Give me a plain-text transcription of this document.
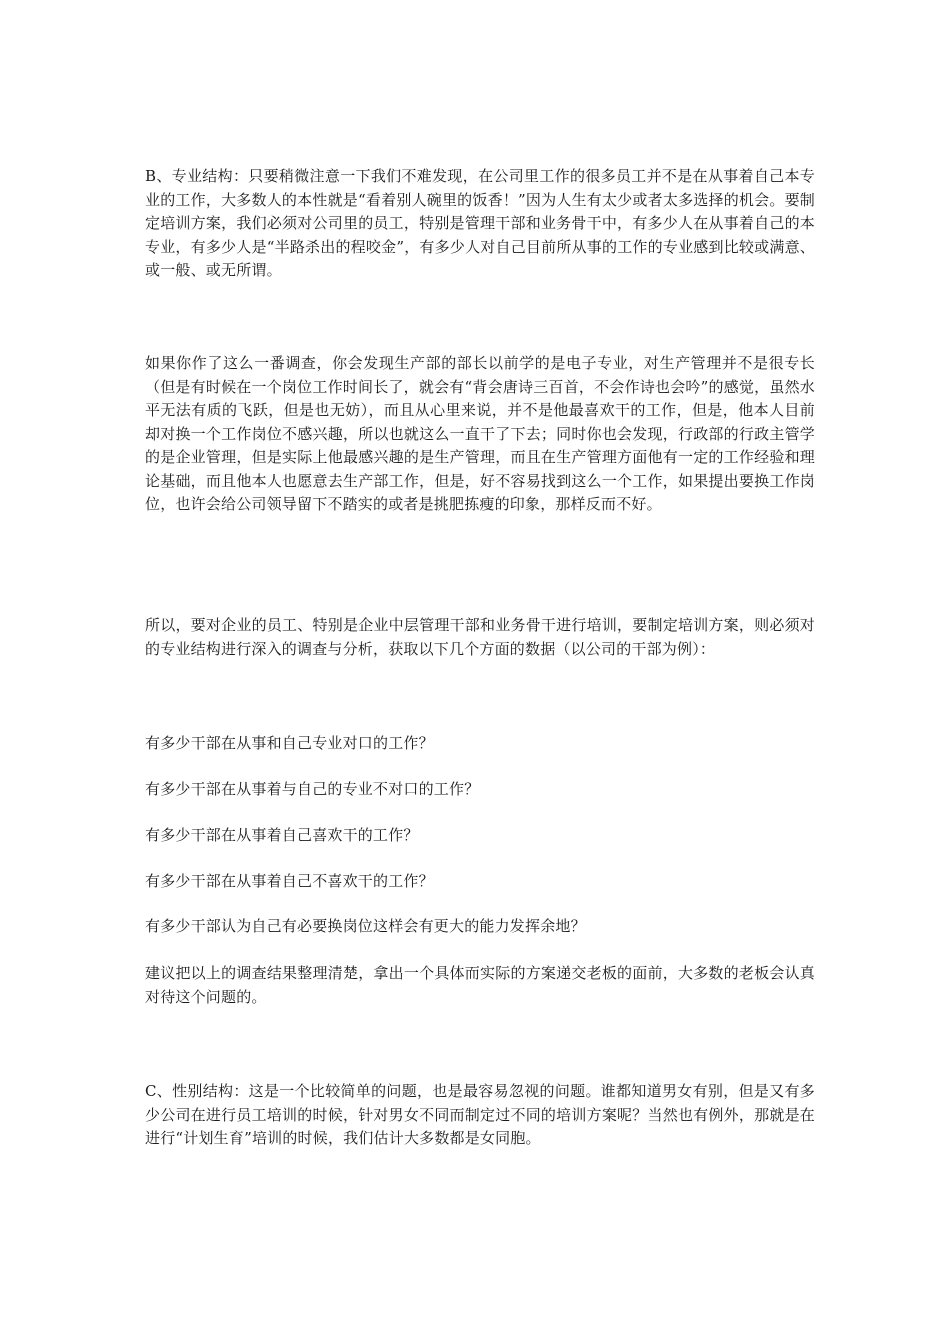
B、专业结构：只要稍微注意一下我们不难发现，在公司里工作的很多员工并不是在从事着自己本专业的工作，大多数人的本性就是“看着别人碗里的饭香！”因为人生有太少或者太多选择的机会。要制定培训方案，我们必须对公司里的员工，特别是管理干部和业务骨干中，有多少人在从事着自己的本专业，有多少人是“半路杀出的程咬金”，有多少人对自己目前所从事的工作的专业感到比较或满意、或一般、或无所谓。

如果你作了这么一番调查，你会发现生产部的部长以前学的是电子专业，对生产管理并不是很专长（但是有时候在一个岗位工作时间长了，就会有“背会唐诗三百首，不会作诗也会吟”的感觉，虽然水平无法有质的飞跃，但是也无妨），而且从心里来说，并不是他最喜欢干的工作，但是，他本人目前却对换一个工作岗位不感兴趣，所以也就这么一直干了下去；同时你也会发现，行政部的行政主管学的是企业管理，但是实际上他最感兴趣的是生产管理，而且在生产管理方面他有一定的工作经验和理论基础，而且他本人也愿意去生产部工作，但是，好不容易找到这么一个工作，如果提出要换工作岗位，也许会给公司领导留下不踏实的或者是挑肥拣瘦的印象，那样反而不好。

所以，要对企业的员工、特别是企业中层管理干部和业务骨干进行培训，要制定培训方案，则必须对的专业结构进行深入的调查与分析，获取以下几个方面的数据（以公司的干部为例）：

有多少干部在从事和自己专业对口的工作？

有多少干部在从事着与自己的专业不对口的工作？

有多少干部在从事着自己喜欢干的工作？

有多少干部在从事着自己不喜欢干的工作？

有多少干部认为自己有必要换岗位这样会有更大的能力发挥余地？

建议把以上的调查结果整理清楚，拿出一个具体而实际的方案递交老板的面前，大多数的老板会认真对待这个问题的。

C、性别结构：这是一个比较简单的问题，也是最容易忽视的问题。谁都知道男女有别，但是又有多少公司在进行员工培训的时候，针对男女不同而制定过不同的培训方案呢？当然也有例外，那就是在进行“计划生育”培训的时候，我们估计大多数都是女同胞。
